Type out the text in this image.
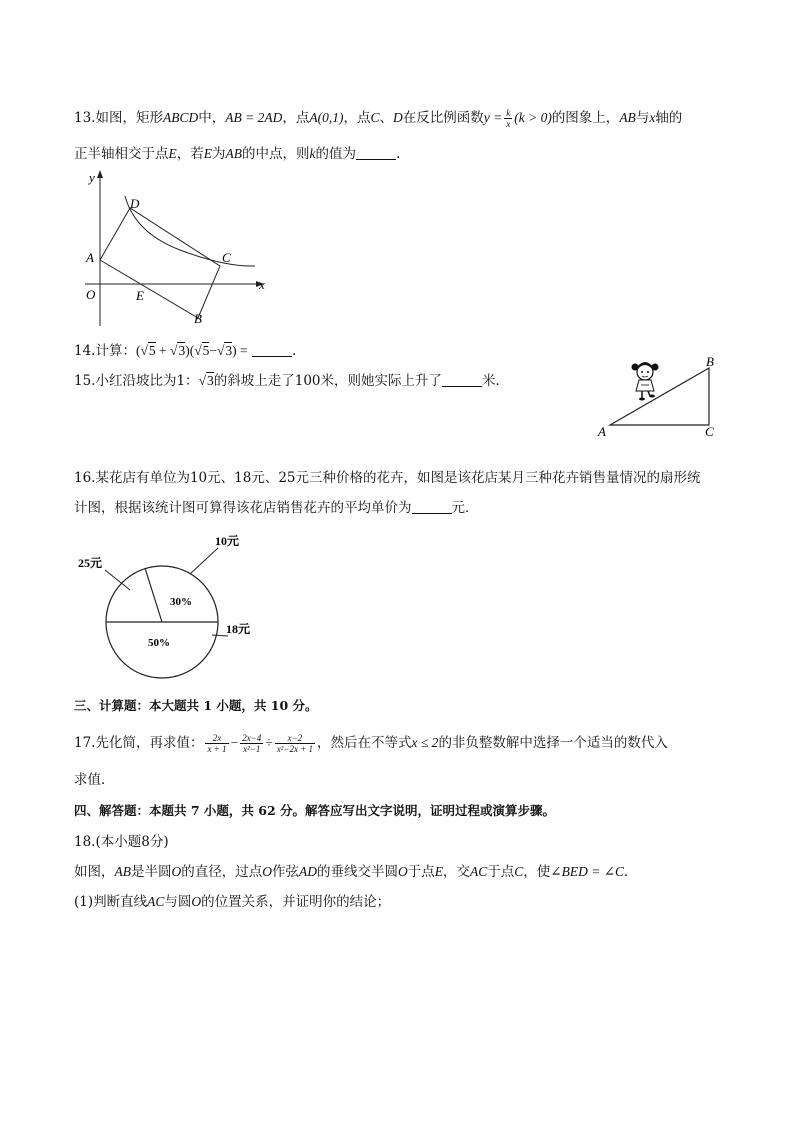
13.如图，矩形ABCD中，AB = 2AD，点A(0,1)，点C、D在反比例函数$y = \frac{k}{x} (k > 0)$的图象上，AB与x轴的
正半轴相交于点E，若E为AB的中点，则k的值为	.
y
x
O
A
D
C
E
B
14.计算：(√5 + √3)(√5−√3) =	.
15.小红沿坡比为1：√3的斜坡上走了100米，则她实际上升了	米．
A
B
C
16.某花店有单位为10元、18元、25元三种价格的花卉，如图是该花店某月三种花卉销售量情况的扇形统
计图，根据该统计图可算得该花店销售花卉的平均单价为	元．
10元
18元
25元
30%
50%
三、计算题：本大题共 1 小题，共 10 分。
17.先化简，再求值： $\frac{2x}{x + 1} - \frac{2x-4}{\text{x²−1}} \div \frac{x-2}{\text{x²−2x + 1}}$ ，然后在不等式x ≤ 2的非负整数解中选择一个适当的数代入
求值．
四、解答题：本题共 7 小题，共 62 分。解答应写出文字说明，证明过程或演算步骤。
18.(本小题8分)
如图，AB是半圆O的直径，过点O作弦AD的垂线交半圆O于点E，交AC于点C，使∠BED = ∠C．
(1)判断直线AC与圆O的位置关系，并证明你的结论；
